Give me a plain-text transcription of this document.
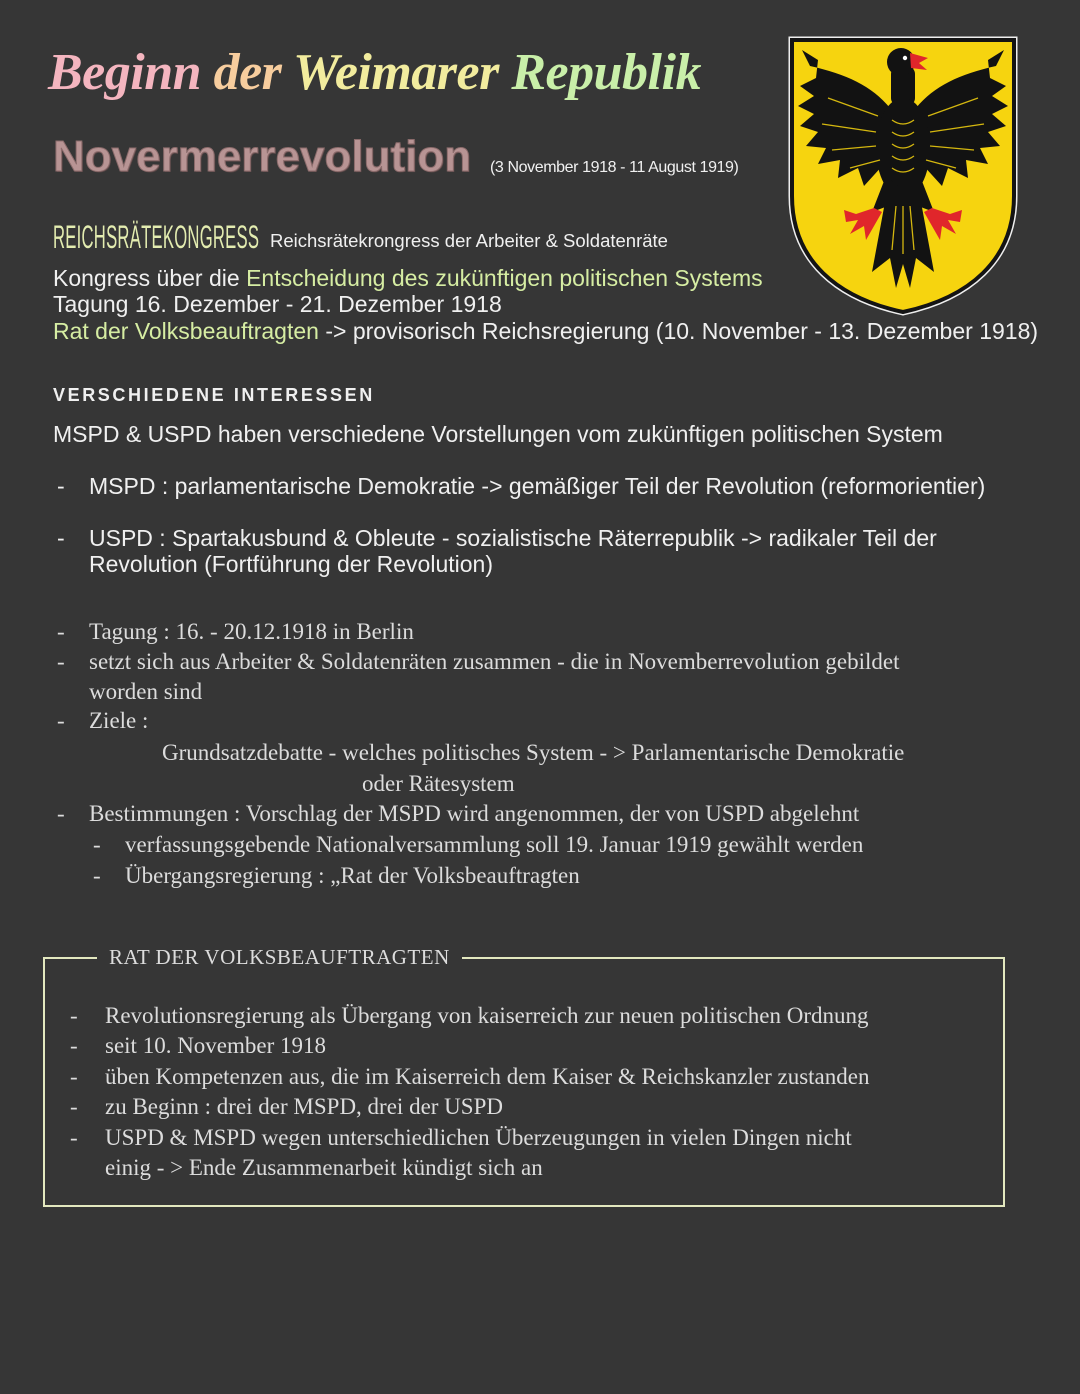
Beginn der Weimarer Republik
Novermerrevolution (3 November 1918 - 11 August 1919)
REICHSRÄTEKONGRESS Reichsrätekrongress der Arbeiter & Soldatenräte
Kongress über die Entscheidung des zukünftigen politischen Systems
Tagung 16. Dezember - 21. Dezember 1918
Rat der Volksbeauftragten -> provisorisch Reichsregierung (10. November - 13. Dezember 1918)
VERSCHIEDENE INTERESSEN
MSPD & USPD haben verschiedene Vorstellungen vom zukünftigen politischen System
-
MSPD : parlamentarische Demokratie -> gemäßiger Teil der Revolution (reformorientier)
-
USPD : Spartakusbund & Obleute - sozialistische Räterrepublik -> radikaler Teil der
Revolution (Fortführung der Revolution)
-
Tagung : 16. - 20.12.1918 in Berlin
-
setzt sich aus Arbeiter & Soldatenräten zusammen - die in Novemberrevolution gebildet
worden sind
-
Ziele :
Grundsatzdebatte - welches politisches System - > Parlamentarische Demokratie
oder Rätesystem
-
Bestimmungen : Vorschlag der MSPD wird angenommen, der von USPD abgelehnt
-
verfassungsgebende Nationalversammlung soll 19. Januar 1919 gewählt werden
-
Übergangsregierung : „Rat der Volksbeauftragten
RAT DER VOLKSBEAUFTRAGTEN
-
Revolutionsregierung als Übergang von kaiserreich zur neuen politischen Ordnung
-
seit 10. November 1918
-
üben Kompetenzen aus, die im Kaiserreich dem Kaiser & Reichskanzler zustanden
-
zu Beginn : drei der MSPD, drei der USPD
-
USPD & MSPD wegen unterschiedlichen Überzeugungen in vielen Dingen nicht
einig - > Ende Zusammenarbeit kündigt sich an
